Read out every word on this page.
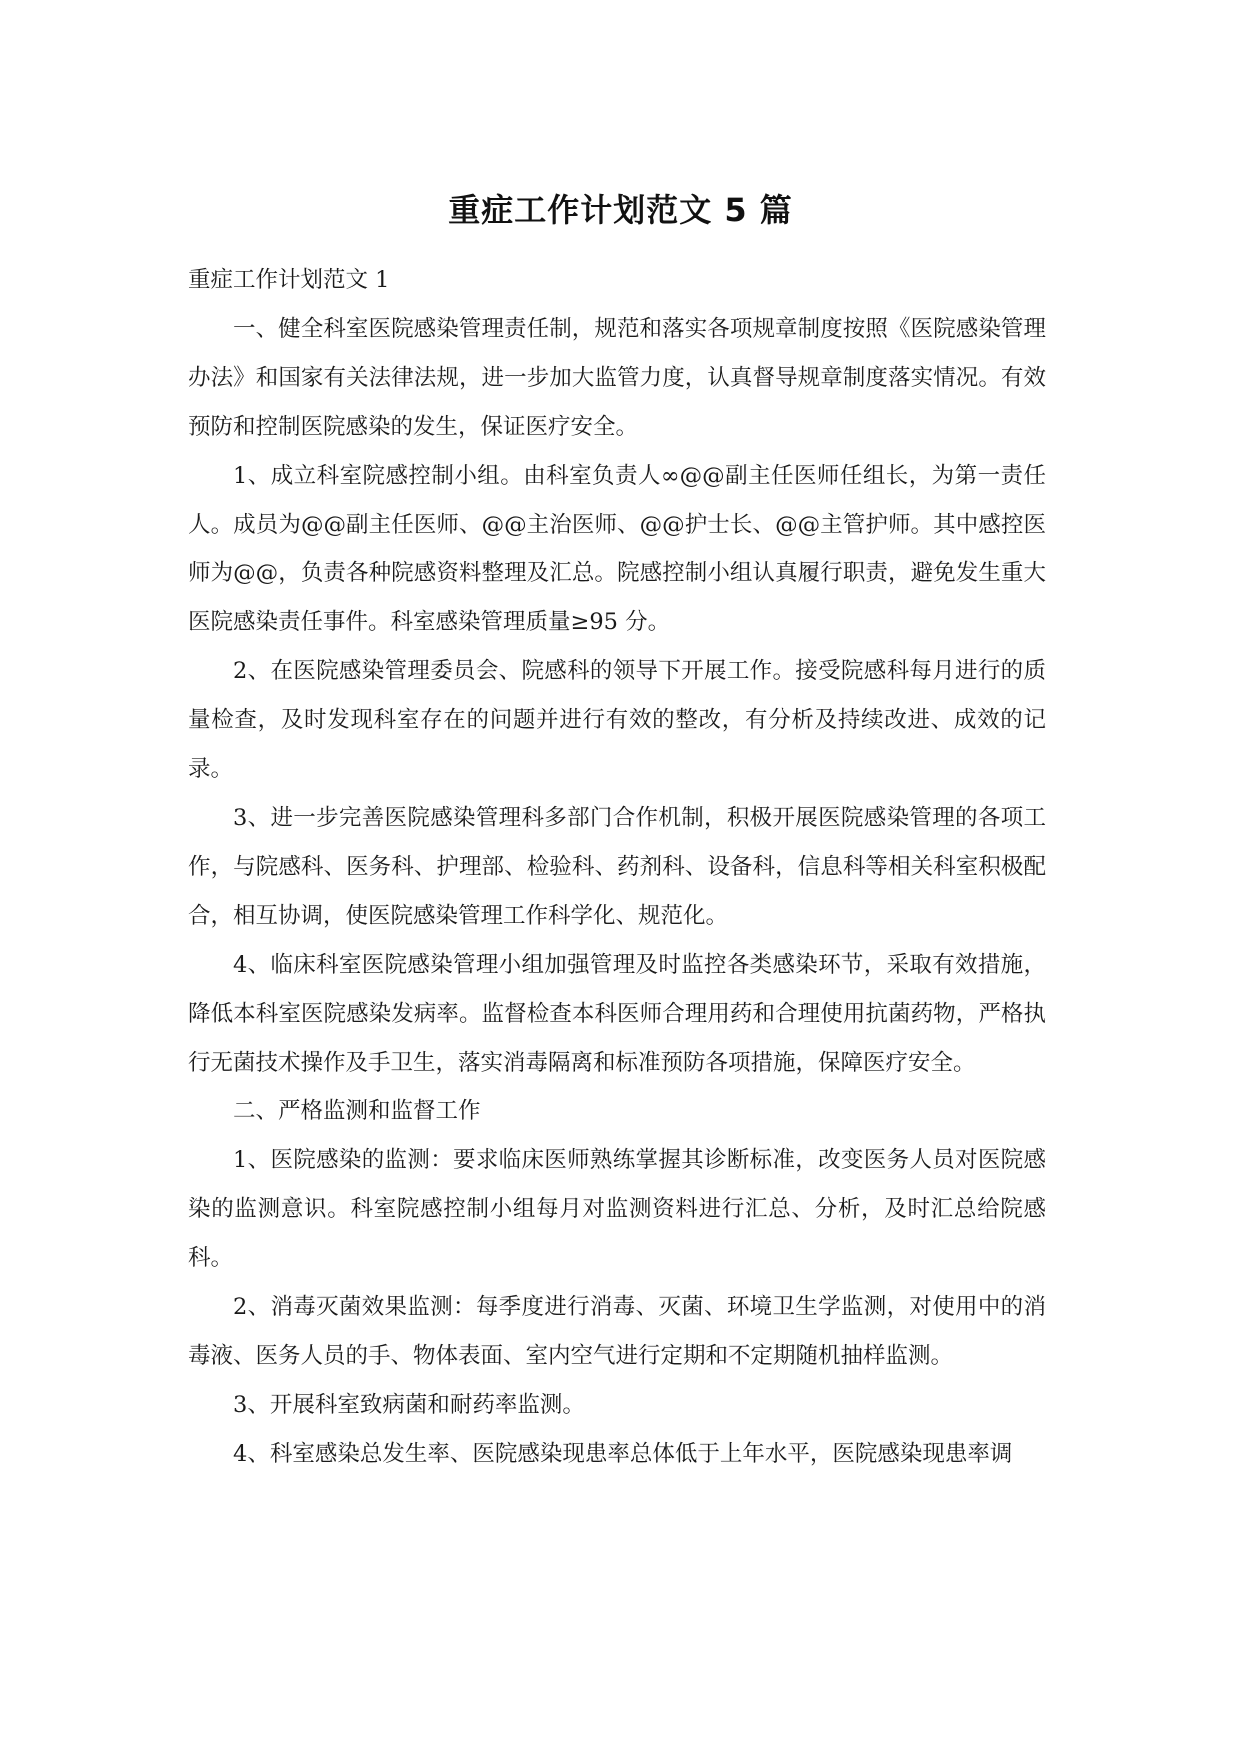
重症工作计划范文 5 篇

重症工作计划范文 1

一、健全科室医院感染管理责任制，规范和落实各项规章制度按照《医院感染管理办法》和国家有关法律法规，进一步加大监管力度，认真督导规章制度落实情况。有效预防和控制医院感染的发生，保证医疗安全。

1、成立科室院感控制小组。由科室负责人∞@@副主任医师任组长，为第一责任人。成员为@@副主任医师、@@主治医师、@@护士长、@@主管护师。其中感控医师为@@，负责各种院感资料整理及汇总。院感控制小组认真履行职责，避免发生重大医院感染责任事件。科室感染管理质量≥95 分。

2、在医院感染管理委员会、院感科的领导下开展工作。接受院感科每月进行的质量检查，及时发现科室存在的问题并进行有效的整改，有分析及持续改进、成效的记录。

3、进一步完善医院感染管理科多部门合作机制，积极开展医院感染管理的各项工作，与院感科、医务科、护理部、检验科、药剂科、设备科，信息科等相关科室积极配合，相互协调，使医院感染管理工作科学化、规范化。

4、临床科室医院感染管理小组加强管理及时监控各类感染环节，采取有效措施，降低本科室医院感染发病率。监督检查本科医师合理用药和合理使用抗菌药物，严格执行无菌技术操作及手卫生，落实消毒隔离和标准预防各项措施，保障医疗安全。

二、严格监测和监督工作

1、医院感染的监测：要求临床医师熟练掌握其诊断标准，改变医务人员对医院感染的监测意识。科室院感控制小组每月对监测资料进行汇总、分析，及时汇总给院感科。

2、消毒灭菌效果监测：每季度进行消毒、灭菌、环境卫生学监测，对使用中的消毒液、医务人员的手、物体表面、室内空气进行定期和不定期随机抽样监测。

3、开展科室致病菌和耐药率监测。

4、科室感染总发生率、医院感染现患率总体低于上年水平，医院感染现患率调
